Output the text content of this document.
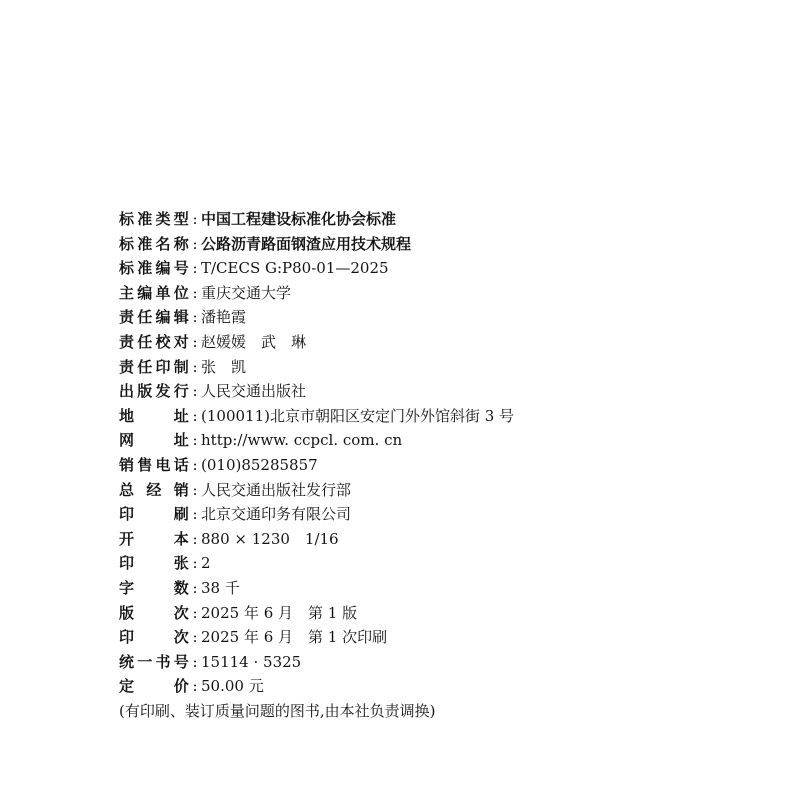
标准类型 : 中国工程建设标准化协会标准
标准名称 : 公路沥青路面钢渣应用技术规程
标准编号 : T/CECS G:P80-01—2025
主编单位 : 重庆交通大学
责任编辑 : 潘艳霞
责任校对 : 赵媛媛　武　琳
责任印制 : 张　凯
出版发行 : 人民交通出版社
地　址 : (100011)北京市朝阳区安定门外外馆斜街 3 号
网　址 : http://www. ccpcl. com. cn
销售电话 : (010)85285857
总经销 : 人民交通出版社发行部
印　刷 : 北京交通印务有限公司
开　本 : 880 × 1230　1/16
印　张 : 2
字　数 : 38 千
版　次 : 2025 年 6 月　第 1 版
印　次 : 2025 年 6 月　第 1 次印刷
统一书号 : 15114 · 5325
定　价 : 50.00 元
(有印刷、装订质量问题的图书,由本社负责调换)
